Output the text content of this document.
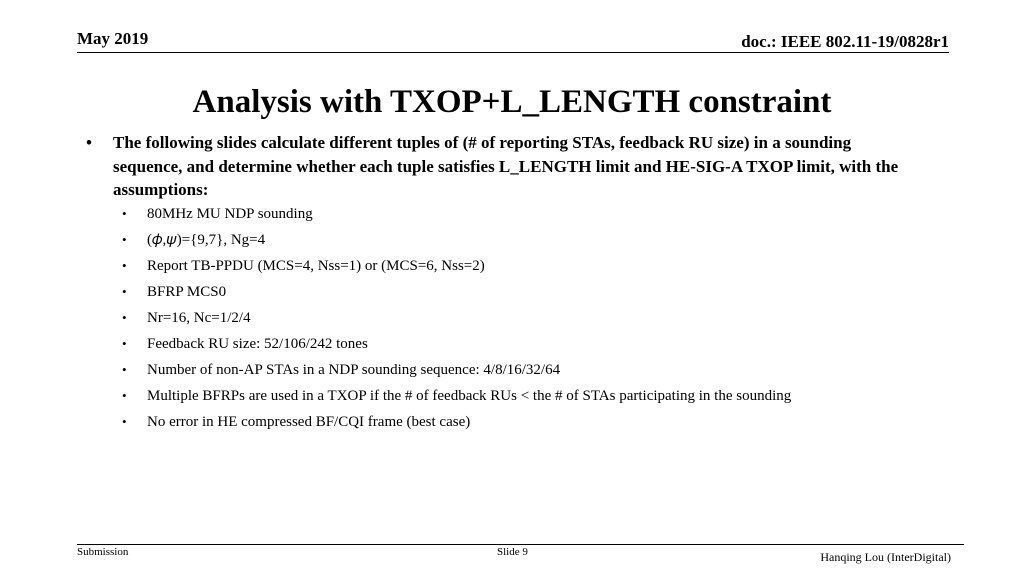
May 2019	doc.: IEEE 802.11-19/0828r1
Analysis with TXOP+L_LENGTH constraint
• The following slides calculate different tuples of (# of reporting STAs, feedback RU size) in a sounding sequence, and determine whether each tuple satisfies L_LENGTH limit and HE-SIG-A TXOP limit, with the assumptions:
• 80MHz MU NDP sounding
• (𝜙,𝜓)={9,7}, Ng=4
• Report TB-PPDU (MCS=4, Nss=1) or (MCS=6, Nss=2)
• BFRP MCS0
• Nr=16, Nc=1/2/4
• Feedback RU size: 52/106/242 tones
• Number of non-AP STAs in a NDP sounding sequence: 4/8/16/32/64
• Multiple BFRPs are used in a TXOP if the # of feedback RUs < the # of STAs participating in the sounding
• No error in HE compressed BF/CQI frame (best case)
Submission	Slide 9	Hanqing Lou (InterDigital)
